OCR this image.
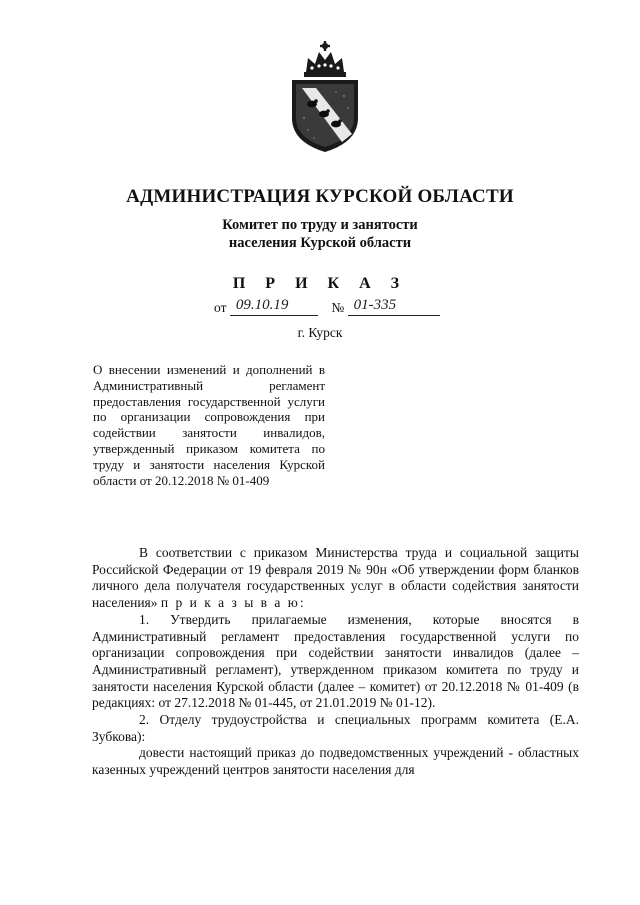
АДМИНИСТРАЦИЯ КУРСКОЙ ОБЛАСТИ
Комитет по труду и занятости
населения Курской области
П Р И К А З
от 09.10.19	№ 01-335
г. Курск
О внесении изменений и дополнений в Административный регламент предоставления государственной услуги по организации сопровождения при содействии занятости инвалидов, утвержденный приказом комитета по труду и занятости населения Курской области от 20.12.2018 № 01-409

В соответствии с приказом Министерства труда и социальной защиты Российской Федерации от 19 февраля 2019 № 90н «Об утверждении форм бланков личного дела получателя государственных услуг в области содействия занятости населения» п р и к а з ы в а ю:

1. Утвердить прилагаемые изменения, которые вносятся в Административный регламент предоставления государственной услуги по организации сопровождения при содействии занятости инвалидов (далее – Административный регламент), утвержденном приказом комитета по труду и занятости населения Курской области (далее – комитет) от 20.12.2018 № 01-409 (в редакциях: от 27.12.2018 № 01-445, от 21.01.2019 № 01-12).

2. Отделу трудоустройства и специальных программ комитета (Е.А. Зубкова):

довести настоящий приказ до подведомственных учреждений - областных казенных учреждений центров занятости населения для
